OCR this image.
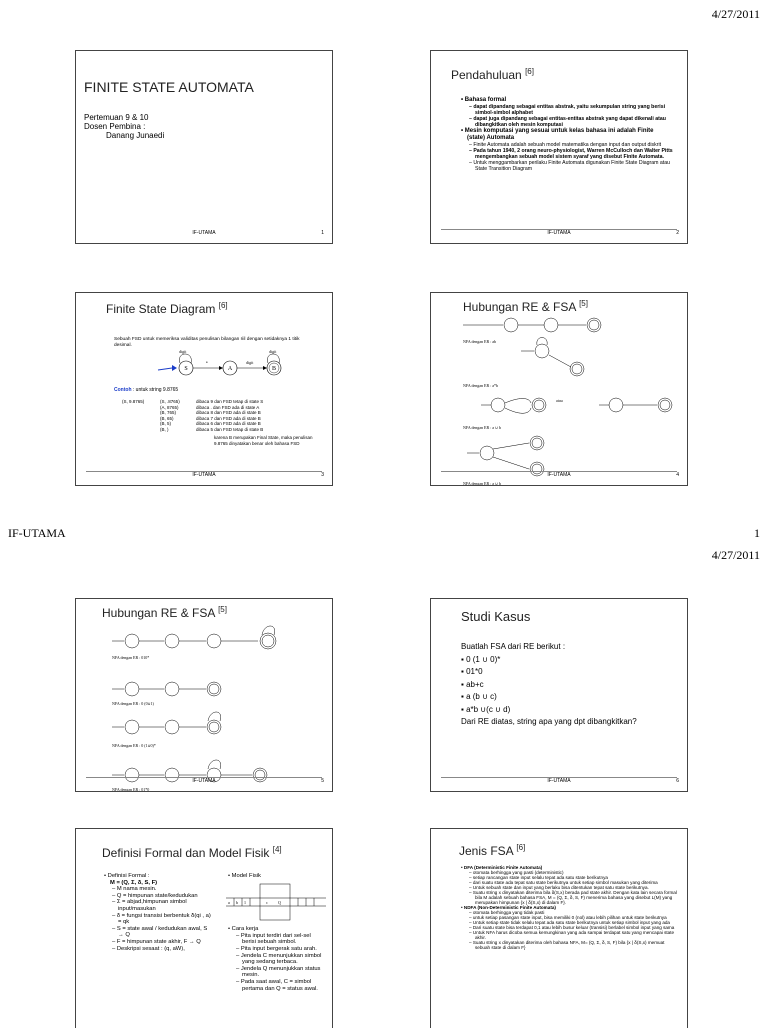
4/27/2011
FINITE STATE AUTOMATA
Pertemuan 9 & 10
Dosen Pembina :
Danang Junaedi
IF-UTAMA	1
Pendahuluan [6]
• Bahasa formal
– dapat dipandang sebagai entitas abstrak, yaitu sekumpulan string yang berisi simbol-simbol alphabet
– dapat juga dipandang sebagai entitas-entitas abstrak yang dapat dikenali atau dibangkitkan oleh mesin komputasi
• Mesin komputasi yang sesuai untuk kelas bahasa ini adalah Finite (state) Automata
– Finite Automata adalah sebuah model matematika dengan input dan output diskrit
– Pada tahun 1940, 2 orang neuro-physiologist, Warren McCulloch dan Walter Pitts mengembangkan sebuah model sistem syaraf yang disebut Finite Automata.
– Untuk menggambarkan perilaku Finite Automata digunakan Finite State Diagram atau State Transition Diagram
IF-UTAMA	2
Finite State Diagram [6]
Sebuah FSD untuk memeriksa validitas penulisan bilangan riil dengan setidaknya 1 titik desimal.
S
digit
•
A
digit
B
digit
Contoh : untuk string 9.8765
(S, 9.8765)	(S, .8765)	dibaca 9 dan FSD tetap di state S
(A, 8765)	dibaca . dan FSD ada di state A
(B, 765)	dibaca 8 dan FSD ada di state B
(B, 65)	dibaca 7 dan FSD ada di state B
(B, 5)	dibaca 6 dan FSD ada di state B
(B, )	dibaca 5 dan FSD tetap di state B
karena B merupakan Final State, maka penulisan
9.8765 dinyatakan benar oleh bahasa FSD
IF-UTAMA	3
Hubungan RE & FSA [5]
NFA dengan ER : ab
NFA dengan ER : a*b
atau
NFA dengan ER : a ∪ b
NFA dengan ER : a ∪ b
IF-UTAMA	4
IF-UTAMA	1
4/27/2011
Hubungan RE & FSA [5]
NFA dengan ER : 010*
NFA dengan ER : 0 (0∪1)
NFA dengan ER : 0 (1∪0)*
NFA dengan ER : 01*0
IF-UTAMA	5
Studi Kasus
Buatlah FSA dari RE berikut :
▪ 0 (1 ∪ 0)*
▪ 01*0
▪ ab+c
▪ a (b ∪ c)
▪ a*b ∪(c ∪ d)
Dari RE diatas, string apa yang dpt dibangkitkan?
IF-UTAMA	6
Definisi Formal dan Model Fisik [4]
• Definisi Formal :
M = (Q, Σ, δ, S, F)
– M nama mesin.
– Q = himpunan state/kedudukan
– Σ = abjad,himpunan simbol input/masukan
– δ = fungsi transisi berbentuk δ(qi , a) = qk
– S = state awal / kedudukan awal, S → Q
– F = himpunan state akhir, F → Q
– Deskripsi sesaat : (q, aW),
• Model Fisik
a b 1	c	Q
• Cara kerja
– Pita input terdiri dari sel-sel berisi sebuah simbol.
– Pita input bergerak satu arah.
– Jendela C menunjukkan simbol yang sedang terbaca.
– Jendela Q menunjukkan status mesin.
– Pada saat awal, C = simbol pertama dan Q = status awal.
Jenis FSA [6]
• DFA (Deterministic Finite Automata)
– otomata berhingga yang pasti (deterministic)
– setiap rancangan state input selalu tepat ada satu state berikutnya
– dari suatu state ada tepat satu state berikutnya untuk setiap simbol masukan yang diterima
– Untuk sebuah state dan input yang berlaku bisa ditentukan tepat satu state berikutnya.
– Suatu string x dinyatakan diterima bila δ(S,x) berada pad state akhir. Dengan kata lain secara formal bila M adalah sebuah bahasa FSA, M = (Q, Σ, δ, S, F) menerima bahasa yang disebut L(M) yang merupakan himpunan {x | δ(S,x) di dalam F}.
• NDFA (Non-Deterministic Finite Automata)
– otomata berhingga yang tidak pasti
– untuk setiap pasangan state input, bisa memiliki 0 (nol) atau lebih pilihan untuk state berikutnya
– Untuk setiap state tidak selalu tepat ada satu state berikutnya untuk setiap simbol input yang ada
– Dari suatu state bisa terdapat 0,1 atau lebih busur keluar (transisi) berlabel simbol input yang sama
– Untuk NFA harus dicoba semua kemungkinan yang ada sampai terdapat satu yang mencapai state akhir.
– Suatu string x dinyatakan diterima oleh bahasa NFA, M= (Q, Σ, δ, S, F) bila {x | δ(S,x) memuat sebuah state di dalam F}
